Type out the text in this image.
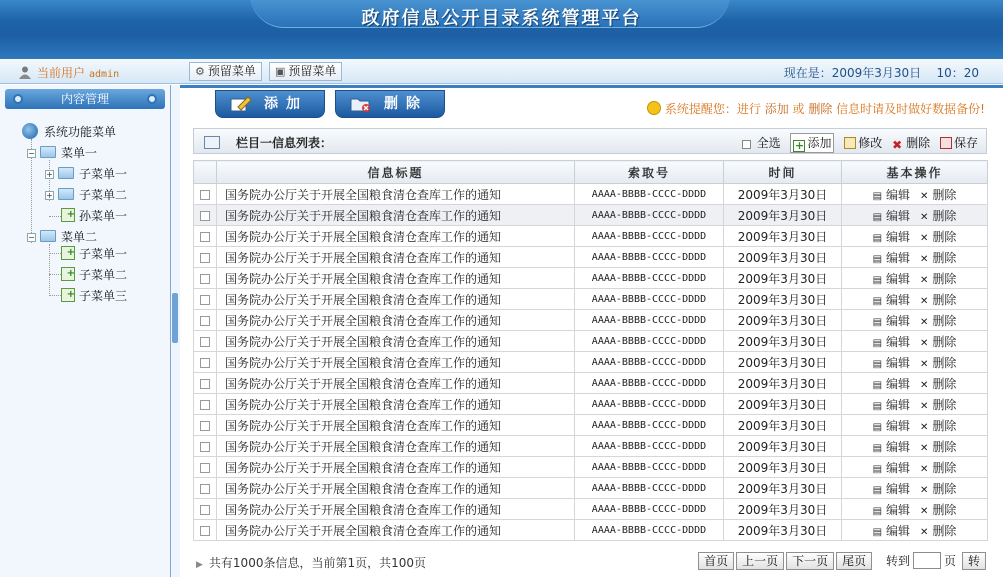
政府信息公开目录系统管理平台
当前用户 admin	⚙ 预留菜单	▣ 预留菜单	现在是：2009年3月30日 10：20
内容管理
系统功能菜单
− 菜单一
+ 子菜单一
+ 子菜单二
+孙菜单一
− 菜单二
+子菜单一
+子菜单二
+子菜单三
添加	删除	系统提醒您：进行 添加 或 删除 信息时请及时做好数据备份!
栏目一信息列表：	全选 + 添加 修改 ✖ 删除 保存
	信息标题	索取号	时间	基本操作
	国务院办公厅关于开展全国粮食清仓查库工作的通知	AAAA-BBBB-CCCC-DDDD	2009年3月30日	▤ 编辑 ✕ 删除
	国务院办公厅关于开展全国粮食清仓查库工作的通知	AAAA-BBBB-CCCC-DDDD	2009年3月30日	▤ 编辑 ✕ 删除
	国务院办公厅关于开展全国粮食清仓查库工作的通知	AAAA-BBBB-CCCC-DDDD	2009年3月30日	▤ 编辑 ✕ 删除
	国务院办公厅关于开展全国粮食清仓查库工作的通知	AAAA-BBBB-CCCC-DDDD	2009年3月30日	▤ 编辑 ✕ 删除
	国务院办公厅关于开展全国粮食清仓查库工作的通知	AAAA-BBBB-CCCC-DDDD	2009年3月30日	▤ 编辑 ✕ 删除
	国务院办公厅关于开展全国粮食清仓查库工作的通知	AAAA-BBBB-CCCC-DDDD	2009年3月30日	▤ 编辑 ✕ 删除
	国务院办公厅关于开展全国粮食清仓查库工作的通知	AAAA-BBBB-CCCC-DDDD	2009年3月30日	▤ 编辑 ✕ 删除
	国务院办公厅关于开展全国粮食清仓查库工作的通知	AAAA-BBBB-CCCC-DDDD	2009年3月30日	▤ 编辑 ✕ 删除
	国务院办公厅关于开展全国粮食清仓查库工作的通知	AAAA-BBBB-CCCC-DDDD	2009年3月30日	▤ 编辑 ✕ 删除
	国务院办公厅关于开展全国粮食清仓查库工作的通知	AAAA-BBBB-CCCC-DDDD	2009年3月30日	▤ 编辑 ✕ 删除
	国务院办公厅关于开展全国粮食清仓查库工作的通知	AAAA-BBBB-CCCC-DDDD	2009年3月30日	▤ 编辑 ✕ 删除
	国务院办公厅关于开展全国粮食清仓查库工作的通知	AAAA-BBBB-CCCC-DDDD	2009年3月30日	▤ 编辑 ✕ 删除
	国务院办公厅关于开展全国粮食清仓查库工作的通知	AAAA-BBBB-CCCC-DDDD	2009年3月30日	▤ 编辑 ✕ 删除
	国务院办公厅关于开展全国粮食清仓查库工作的通知	AAAA-BBBB-CCCC-DDDD	2009年3月30日	▤ 编辑 ✕ 删除
	国务院办公厅关于开展全国粮食清仓查库工作的通知	AAAA-BBBB-CCCC-DDDD	2009年3月30日	▤ 编辑 ✕ 删除
	国务院办公厅关于开展全国粮食清仓查库工作的通知	AAAA-BBBB-CCCC-DDDD	2009年3月30日	▤ 编辑 ✕ 删除
	国务院办公厅关于开展全国粮食清仓查库工作的通知	AAAA-BBBB-CCCC-DDDD	2009年3月30日	▤ 编辑 ✕ 删除
▶ 共有1000条信息，当前第1页，共100页	首页 上一页 下一页 尾页 转到	页 转
